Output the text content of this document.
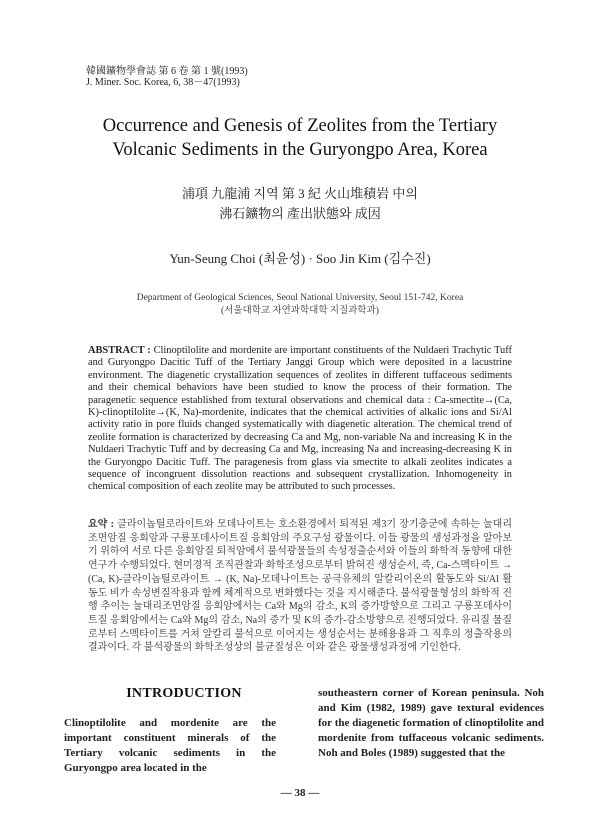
韓國鑛物學會誌 第 6 卷 第 1 號(1993)
J. Miner. Soc. Korea, 6, 38－47(1993)
Occurrence and Genesis of Zeolites from the Tertiary
Volcanic Sediments in the Guryongpo Area, Korea
浦項 九龍浦 지역 第 3 紀 火山堆積岩 中의
沸石鑛物의 產出狀態와 成因
Yun-Seung Choi (최윤성) · Soo Jin Kim (김수진)
Department of Geological Sciences, Seoul National University, Seoul 151-742, Korea
(서울대학교 자연과학대학 지질과학과)
ABSTRACT : Clinoptilolite and mordenite are important constituents of the Nuldaeri Trachytic Tuff and Guryongpo Dacitic Tuff of the Tertiary Janggi Group which were deposited in a lacustrine environment. The diagenetic crystallization sequences of zeolites in different tuffaceous sediments and their chemical behaviors have been studied to know the process of their formation. The paragenetic sequence established from textural observations and chemical data : Ca-smectite→(Ca, K)-clinoptilolite→(K, Na)-mordenite, indicates that the chemical activities of alkalic ions and Si/Al activity ratio in pore fluids changed systematically with diagenetic alteration. The chemical trend of zeolite formation is characterized by decreasing Ca and Mg, non-variable Na and increasing K in the Nuldaeri Trachytic Tuff and by decreasing Ca and Mg, increasing Na and increasing-decreasing K in the Guryongpo Dacitic Tuff. The paragenesis from glass via smectite to alkali zeolites indicates a sequence of incongruent dissolution reactions and subsequent crystallization. Inhomogeneity in chemical composition of each zeolite may be attributed to such processes.
요약 : 클라이놉틸로라이트와 모데나이트는 호소환경에서 퇴적된 제3기 장기층군에 속하는 눌대리조면암질 응회암과 구룡포데사이트질 응회암의 주요구성 광물이다. 이들 광물의 생성과정을 알아보기 위하여 서로 다른 응회암질 퇴적암에서 불석광물들의 속성정출순서와 이들의 화학적 동향에 대한 연구가 수행되었다. 현미경적 조직관찰과 화학조성으로부터 밝혀진 생성순서, 즉, Ca-스멕타이트 → (Ca, K)-클라이놉틸로라이트 → (K, Na)-모데나이트는 공극유체의 알칼리이온의 활동도와 Si/Al 활동도 비가 속성변질작용과 함께 체계적으로 변화했다는 것을 지시해준다. 불석광물형성의 화학적 진행 추이는 눌대리조면암질 응회암에서는 Ca와 Mg의 감소, K의 증가방향으로 그리고 구룡포데사이트질 응회암에서는 Ca와 Mg의 감소, Na의 증가 및 K의 증가-감소방향으로 진행되었다. 유리질 물질로부터 스멕타이트를 거쳐 알칼리 불석으로 이어지는 생성순서는 분해용융과 그 직후의 정출작용의 결과이다. 각 불석광물의 화학조성상의 불균질성은 이와 같은 광물생성과정에 기인한다.
INTRODUCTION

Clinoptilolite and mordenite are the important constituent minerals of the Tertiary volcanic sediments in the Guryongpo area located in the

southeastern corner of Korean peninsula. Noh and Kim (1982, 1989) gave textural evidences for the diagenetic formation of clinoptilolite and mordenite from tuffaceous volcanic sediments. Noh and Boles (1989) suggested that the

— 38 —
